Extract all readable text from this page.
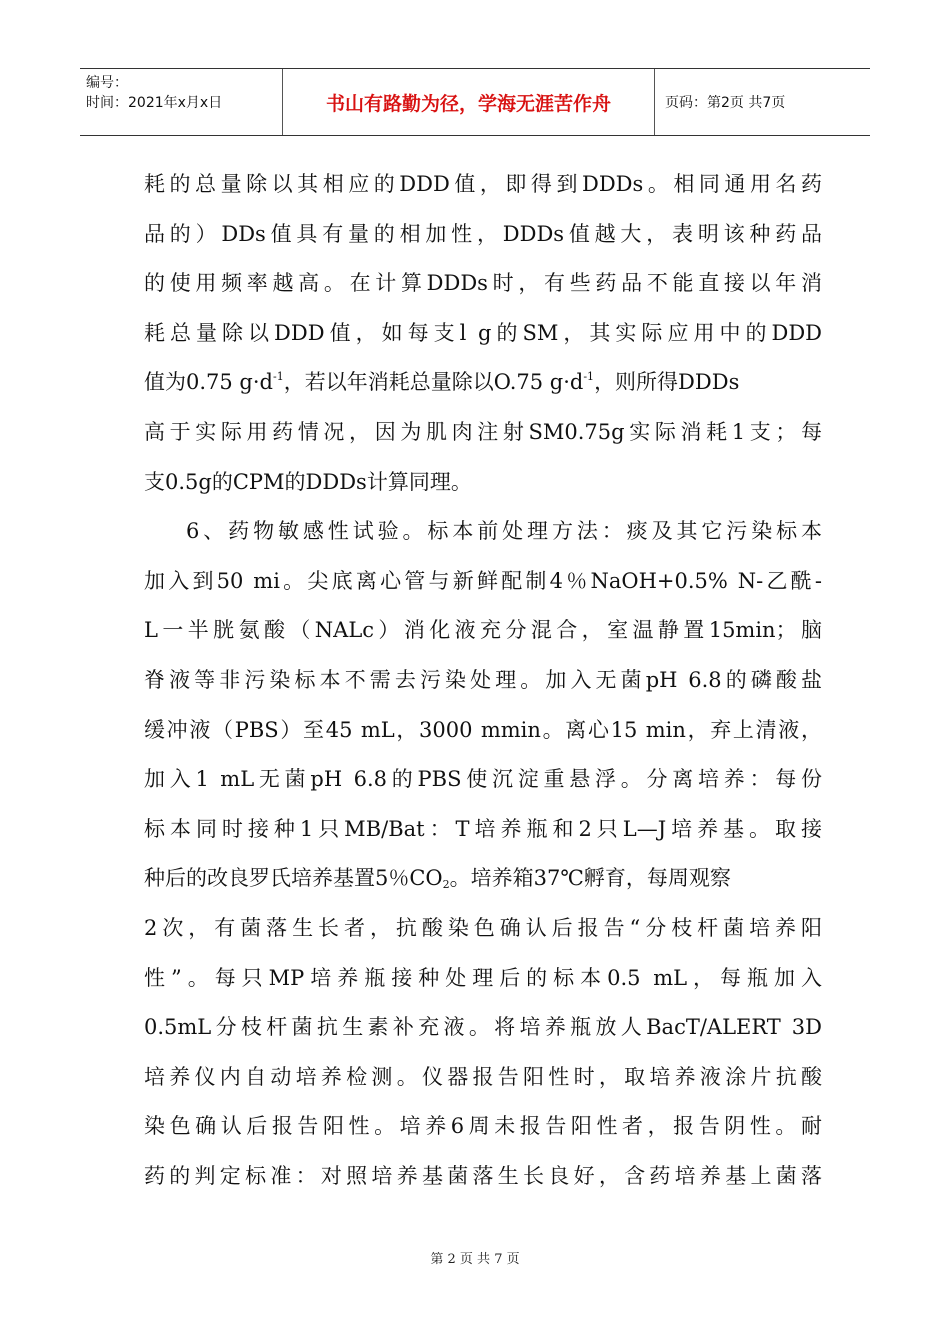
编号：
时间：2021年x月x日	书山有路勤为径，学海无涯苦作舟	页码：第2页 共7页
耗的总量除以其相应的DDD值，即得到DDDs。相同通用名药
品的）DDs值具有量的相加性，DDDs值越大，表明该种药品
的使用频率越高。在计算DDDs时，有些药品不能直接以年消
耗总量除以DDD值，如每支l g的SM，其实际应用中的DDD
值为0.75 $g\cdot d^{-1}$，若以年消耗总量除以O.75 $g\cdot d^{-1}$，则所得DDDs
高于实际用药情况，因为肌肉注射SM0.75g实际消耗1支；每
支0.5g的CPM的DDDs计算同理。
6、药物敏感性试验。标本前处理方法：痰及其它污染标本
加入到50 mi。尖底离心管与新鲜配制4％NaOH+0.5% N-乙酰-
L一半胱氨酸（NALc）消化液充分混合，室温静置15min；脑
脊液等非污染标本不需去污染处理。加入无菌pH 6.8的磷酸盐
缓冲液（PBS）至45 mL，3000 mmin。离心15 min，弃上清液，
加入1 mL无菌pH 6.8的PBS使沉淀重悬浮。分离培养：每份
标本同时接种1只MB/Bat：T培养瓶和2只L—J培养基。取接
种后的改良罗氏培养基置5％$CO_2$。培养箱37℃孵育，每周观察
2次，有菌落生长者，抗酸染色确认后报告“分枝杆菌培养阳
性”。每只MP培养瓶接种处理后的标本0.5 mL，每瓶加入
0.5mL分枝杆菌抗生素补充液。将培养瓶放人BacT/ALERT 3D
培养仪内自动培养检测。仪器报告阳性时，取培养液涂片抗酸
染色确认后报告阳性。培养6周未报告阳性者，报告阴性。耐
药的判定标准：对照培养基菌落生长良好，含药培养基上菌落
第 2 页 共 7 页
